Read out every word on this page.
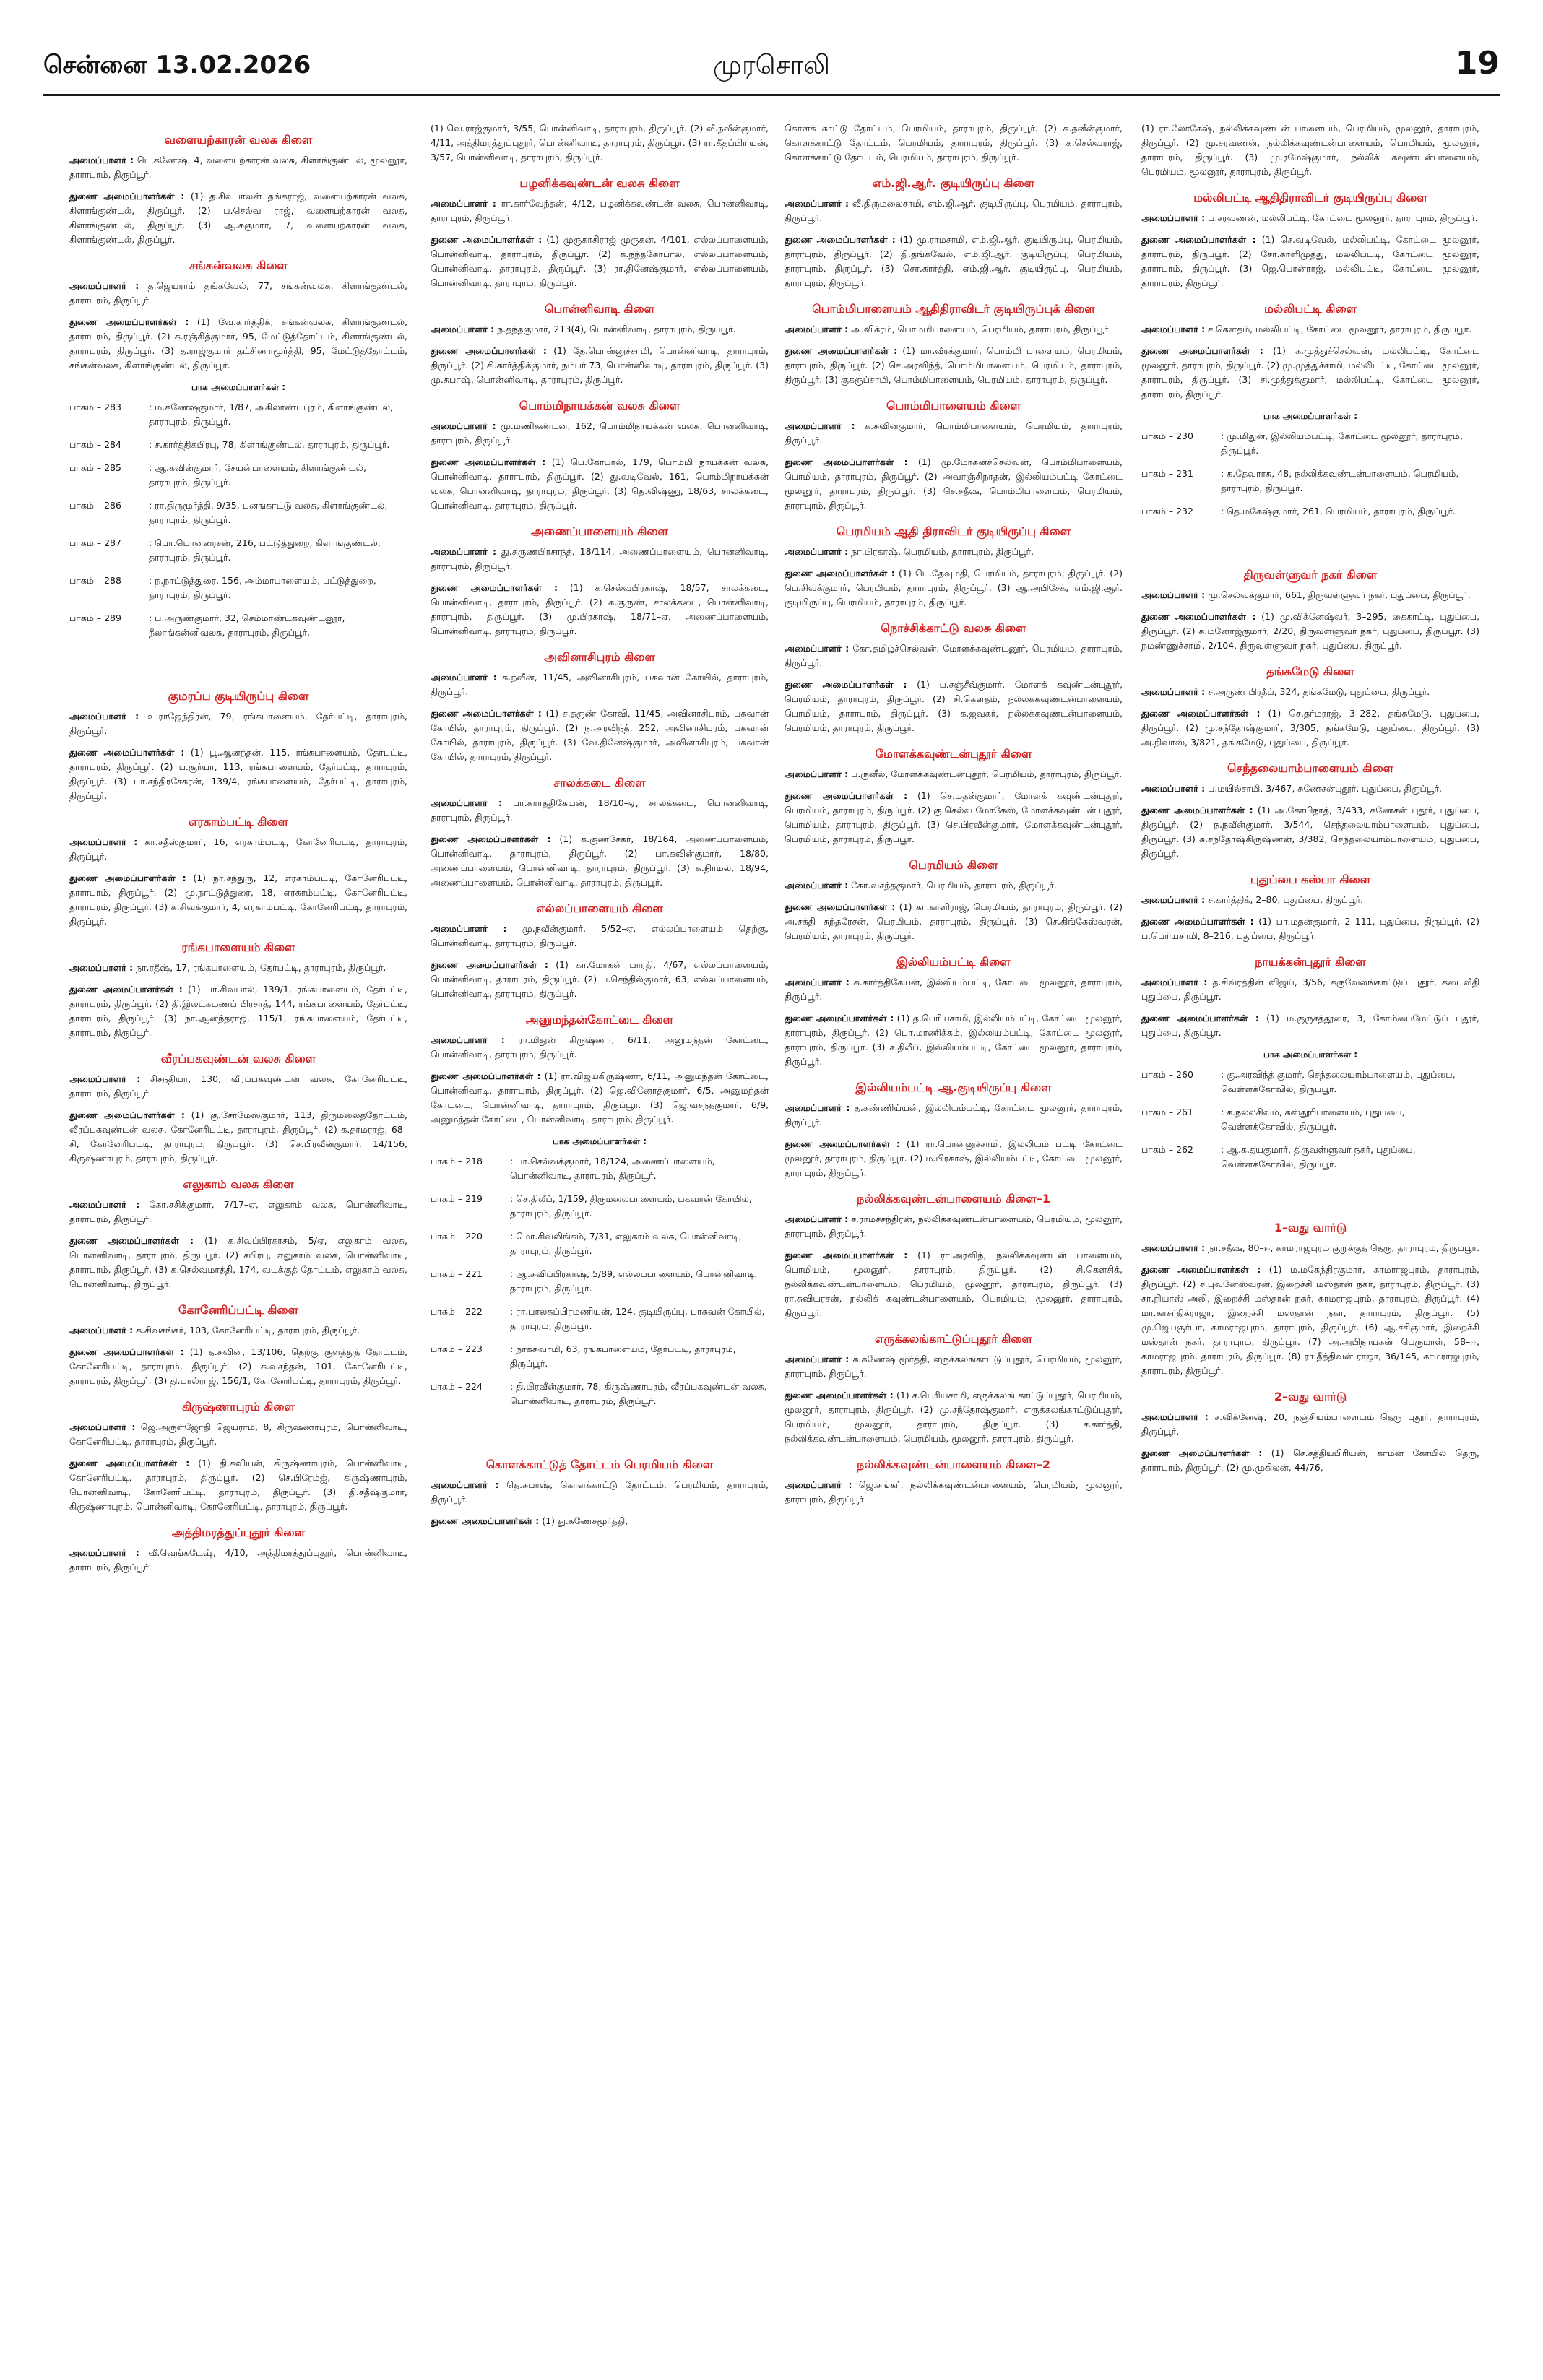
சென்னை 13.02.2026	முரசொலி	19
வளையற்காரன் வலசு கிளை

அமைப்பாளர் : பெ.கணேஷ், 4, வளையற்காரன் வலசு, கிளாங்குண்டல், மூலனூர், தாராபுரம், திருப்பூர்.

துணை அமைப்பாளர்கள் : (1) த.சிவபாலன் தங்கராஜ், வளையற்காரன் வலசு, கிளாங்குண்டல், திருப்பூர். (2) ப.செல்வ ராஜ், வளையற்காரன் வலசு, கிளாங்குண்டல், திருப்பூர். (3) ஆ.சுகுமார், 7, வளையற்காரன் வலசு, கிளாங்குண்டல், திருப்பூர்.

சங்கன்வலசு கிளை

அமைப்பாளர் : த.ஜெயராம் தங்கவேல், 77, சங்கன்வலசு, கிளாங்குண்டல், தாராபுரம், திருப்பூர்.

துணை அமைப்பாளர்கள் : (1) வே.கார்த்திக், சங்கன்வலசு, கிளாங்குண்டல், தாராபுரம், திருப்பூர். (2) க.ரஞ்சித்குமார், 95, மேட்டுத்தோட்டம், கிளாங்குண்டல், தாராபுரம், திருப்பூர். (3) த.ராஜ்குமார் தட்சிணாமூர்த்தி, 95, மேட்டுத்தோட்டம், சங்கன்வலசு, கிளாங்குண்டல், திருப்பூர்.

பாக அமைப்பாளர்கள் :
பாகம் – 283	: ம.கணேஷ்குமார், 1/87, அகிலாண்டபுரம், கிளாங்குண்டல், தாராபுரம், திருப்பூர்.
பாகம் – 284	: ச.கார்த்திக்பிரபு, 78, கிளாங்குண்டல், தாராபுரம், திருப்பூர்.
பாகம் – 285	: ஆ.கவின்குமார், சேயன்பாளையம், கிளாங்குண்டல், தாராபுரம், திருப்பூர்.
பாகம் – 286	: ரா.திருமூர்த்தி, 9/35, பனங்காட்டு வலசு, கிளாங்குண்டல், தாராபுரம், திருப்பூர்.
பாகம் – 287	: பொ.பொன்னரசன், 216, பட்டுத்துறை, கிளாங்குண்டல், தாராபுரம், திருப்பூர்.
பாகம் – 288	: ந.நாட்டுத்துரை, 156, அம்மாபாளையம், பட்டுத்துறை, தாராபுரம், திருப்பூர்.
பாகம் – 289	: ப.அருண்குமார், 32, செம்மாண்டகவுண்டனூர், நீலாங்கன்னிவலசு, தாராபுரம், திருப்பூர்.
குமரப்ப குடியிருப்பு கிளை

அமைப்பாளர் : உ.ராஜேந்திரன், 79, ரங்கபாளையம், தேர்பட்டி, தாராபுரம், திருப்பூர்.

துணை அமைப்பாளர்கள் : (1) பூ.ஆனந்தன், 115, ரங்கபாளையம், தேர்பட்டி, தாராபுரம், திருப்பூர். (2) ப.சூர்யா, 113, ரங்கபாளையம், தேர்பட்டி, தாராபுரம், திருப்பூர். (3) பா.சந்திரசேகரன், 139/4, ரங்கபாளையம், தேர்பட்டி, தாராபுரம், திருப்பூர்.

எரகாம்பட்டி கிளை

அமைப்பாளர் : கா.சதீஸ்குமார், 16, எரகாம்பட்டி, கோனேரிபட்டி, தாராபுரம், திருப்பூர்.

துணை அமைப்பாளர்கள் : (1) நா.சந்துரு, 12, எரகாம்பட்டி, கோனேரிபட்டி, தாராபுரம், திருப்பூர். (2) மு.நாட்டுத்துரை, 18, எரகாம்பட்டி, கோனேரிபட்டி, தாராபுரம், திருப்பூர். (3) க.சிவக்குமார், 4, எரகாம்பட்டி, கோனேரிபட்டி, தாராபுரம், திருப்பூர்.

ரங்கபாளையம் கிளை

அமைப்பாளர் : நா.ரதீஷ், 17, ரங்கபாளையம், தேர்பட்டி, தாராபுரம், திருப்பூர்.

துணை அமைப்பாளர்கள் : (1) பா.சிவபால், 139/1, ரங்கபாளையம், தேர்பட்டி, தாராபுரம், திருப்பூர். (2) தி.இலட்சுமணப் பிரசாத், 144, ரங்கபாளையம், தேர்பட்டி, தாராபுரம், திருப்பூர். (3) நா.ஆனந்தராஜ், 115/1, ரங்கபாளையம், தேர்பட்டி, தாராபுரம், திருப்பூர்.

வீரப்பகவுண்டன் வலசு கிளை

அமைப்பாளர் : சிசந்தியா, 130, வீரப்பகவுண்டன் வலசு, கோனேரிபட்டி, தாராபுரம், திருப்பூர்.

துணை அமைப்பாளர்கள் : (1) கு.சோமேஸ்குமார், 113, திருமலைத்தோட்டம், வீரப்பகவுண்டன் வலசு, கோனேரிபட்டி, தாராபுரம், திருப்பூர். (2) க.தர்மராஜ், 68–சி, கோனேரிபட்டி, தாராபுரம், திருப்பூர். (3) செ.பிரவீன்குமார், 14/156, கிருஷ்ணாபுரம், தாராபுரம், திருப்பூர்.

எலுகாம் வலசு கிளை

அமைப்பாளர் : கோ.சசிக்குமார், 7/17–ஏ, எலுகாம் வலசு, பொன்னிவாடி, தாராபுரம், திருப்பூர்.

துணை அமைப்பாளர்கள் : (1) க.சிவப்பிரகாசம், 5/ஏ, எலுகாம் வலசு, பொன்னிவாடி, தாராபுரம், திருப்பூர். (2) சபிரபு, எலுகாம் வலசு, பொன்னிவாடி, தாராபுரம், திருப்பூர். (3) க.செல்வமாத்தி, 174, வடக்குத் தோட்டம், எலுகாம் வலசு, பொன்னிவாடி, திருப்பூர்.

கோனேரிப்பட்டி கிளை

அமைப்பாளர் : க.சிவசங்கர், 103, கோனேரிபட்டி, தாராபுரம், திருப்பூர்.

துணை அமைப்பாளர்கள் : (1) த.சுவின், 13/106, தெற்கு குளத்துத் தோட்டம், கோனேரிபட்டி, தாராபுரம், திருப்பூர். (2) க.வசந்தன், 101, கோனேரிபட்டி, தாராபுரம், திருப்பூர். (3) தி.பால்ராஜ், 156/1, கோனேரிபட்டி, தாராபுரம், திருப்பூர்.

கிருஷ்ணாபுரம் கிளை

அமைப்பாளர் : ஜெ.அருள்ஜோதி ஜெயராம், 8, கிருஷ்ணாபுரம், பொன்னிவாடி, கோனேரிபட்டி, தாராபுரம், திருப்பூர்.

துணை அமைப்பாளர்கள் : (1) தி.கவியன், கிருஷ்ணாபுரம், பொன்னிவாடி, கோனேரிபட்டி, தாராபுரம், திருப்பூர். (2) செ.பிரேம்ஜ், கிருஷ்ணாபுரம், பொன்னிவாடி, கோனேரிபட்டி, தாராபுரம், திருப்பூர். (3) தி.சதீஷ்குமார், கிருஷ்ணாபுரம், பொன்னிவாடி, கோனேரிபட்டி, தாராபுரம், திருப்பூர்.

அத்திமரத்துப்புதூர் கிளை

அமைப்பாளர் : வீ.வெங்கடேஷ், 4/10, அத்திமரத்துப்புதூர், பொன்னிவாடி, தாராபுரம், திருப்பூர்.

(1) வெ.ராஜ்குமார், 3/55, பொன்னிவாடி, தாராபுரம், திருப்பூர். (2) வீ.நவீன்குமார், 4/11, அத்திமரத்துப்புதூர், பொன்னிவாடி, தாராபுரம், திருப்பூர். (3) ரா.கீதப்பிரியன், 3/57, பொன்னிவாடி, தாராபுரம், திருப்பூர்.

பழனிக்கவுண்டன் வலசு கிளை

அமைப்பாளர் : ரா.கார்வேந்தன், 4/12, பழனிக்கவுண்டன் வலசு, பொன்னிவாடி, தாராபுரம், திருப்பூர்.

துணை அமைப்பாளர்கள் : (1) முருகாசிராஜ் முருகன், 4/101, எல்லப்பாளையம், பொன்னிவாடி, தாராபுரம், திருப்பூர். (2) க.நந்தகோபால், எல்லப்பாளையம், பொன்னிவாடி, தாராபுரம், திருப்பூர். (3) ரா.தினேஷ்குமார், எல்லப்பாளையம், பொன்னிவாடி, தாராபுரம், திருப்பூர்.

பொன்னிவாடி கிளை

அமைப்பாளர் : ந.தந்தகுமார், 213(4), பொன்னிவாடி, தாராபுரம், திருப்பூர்.

துணை அமைப்பாளர்கள் : (1) தே.பொன்னுச்சாமி, பொன்னிவாடி, தாராபுரம், திருப்பூர். (2) சி.கார்த்திக்குமார், நம்பர் 73, பொன்னிவாடி, தாராபுரம், திருப்பூர். (3) மு.சுபாஷ், பொன்னிவாடி, தாராபுரம், திருப்பூர்.

பொம்மிநாயக்கன் வலசு கிளை

அமைப்பாளர் : மு.மணிகண்டன், 162, பொம்மிநாயக்கன் வலசு, பொன்னிவாடி, தாராபுரம், திருப்பூர்.

துணை அமைப்பாளர்கள் : (1) பெ.கோபால், 179, பொம்மி நாயக்கன் வலசு, பொன்னிவாடி, தாராபுரம், திருப்பூர். (2) து.வடிவேல், 161, பொம்மிநாயக்கன் வலசு, பொன்னிவாடி, தாராபுரம், திருப்பூர். (3) தெ.விஷ்ணு, 18/63, சாலக்கடை, பொன்னிவாடி, தாராபுரம், திருப்பூர்.

அணைப்பாளையம் கிளை

அமைப்பாளர் : து.சுருணபிரசாந்த், 18/114, அணைப்பாளையம், பொன்னிவாடி, தாராபுரம், திருப்பூர்.

துணை அமைப்பாளர்கள் : (1) க.செல்வபிரகாஷ், 18/57, சாலக்கடை, பொன்னிவாடி, தாராபுரம், திருப்பூர். (2) க.குருண், சாலக்கடை, பொன்னிவாடி, தாராபுரம், திருப்பூர். (3) மு.பிரகாஷ், 18/71–ஏ, அணைப்பாளையம், பொன்னிவாடி, தாராபுரம், திருப்பூர்.

அவினாசிபுரம் கிளை

அமைப்பாளர் : சு.நவீன், 11/45, அவினாசிபுரம், பகவான் கோயில், தாராபுரம், திருப்பூர்.

துணை அமைப்பாளர்கள் : (1) ச.தருண் கோவி, 11/45, அவினாசிபுரம், பகவான் கோயில், தாராபுரம், திருப்பூர். (2) ந.அரவிந்த், 252, அவினாசிபுரம், பகவான் கோயில், தாராபுரம், திருப்பூர். (3) வே.தினேஷ்குமார், அவினாசிபுரம், பகவான் கோயில், தாராபுரம், திருப்பூர்.

சாலக்கடை கிளை

அமைப்பாளர் : பா.கார்த்திகேயன், 18/10–ஏ, சாலக்கடை, பொன்னிவாடி, தாராபுரம், திருப்பூர்.

துணை அமைப்பாளர்கள் : (1) க.குணசேகர், 18/164, அணைப்பாளையம், பொன்னிவாடி, தாராபுரம், திருப்பூர். (2) பா.கவின்குமார், 18/80, அணைப்பாளையம், பொன்னிவாடி, தாராபுரம், திருப்பூர். (3) சு.நிர்மல், 18/94, அணைப்பாளையம், பொன்னிவாடி, தாராபுரம், திருப்பூர்.

எல்லப்பாளையம் கிளை

அமைப்பாளர் : மு.நவீன்குமார், 5/52–ஏ, எல்லப்பாளையம் தெற்கு, பொன்னிவாடி, தாராபுரம், திருப்பூர்.

துணை அமைப்பாளர்கள் : (1) கா.மோகன் பாரதி, 4/67, எல்லப்பாளையம், பொன்னிவாடி, தாராபுரம், திருப்பூர். (2) ப.செந்தில்குமார், 63, எல்லப்பாளையம், பொன்னிவாடி, தாராபுரம், திருப்பூர்.

அனுமந்தன்கோட்டை கிளை

அமைப்பாளர் : ரா.மிதுன் கிருஷ்ணா, 6/11, அனுமந்தன் கோட்டை, பொன்னிவாடி, தாராபுரம், திருப்பூர்.

துணை அமைப்பாளர்கள் : (1) ரா.விஜய்கிருஷ்ணா, 6/11, அனுமந்தன் கோட்டை, பொன்னிவாடி, தாராபுரம், திருப்பூர். (2) ஜெ.வினோத்குமார், 6/5, அனுமந்தன் கோட்டை, பொன்னிவாடி, தாராபுரம், திருப்பூர். (3) ஜெ.வசந்த்குமார், 6/9, அனுமந்தன் கோட்டை, பொன்னிவாடி, தாராபுரம், திருப்பூர்.

பாக அமைப்பாளர்கள் :
பாகம் – 218	: பா.செல்வக்குமார், 18/124, அணைப்பாளையம், பொன்னிவாடி, தாராபுரம், திருப்பூர்.
பாகம் – 219	: செ.திலீப், 1/159, திருமலைபாளையம், பகவான் கோயில், தாராபுரம், திருப்பூர்.
பாகம் – 220	: மொ.சிவலிங்கம், 7/31, எலுகாம் வலசு, பொன்னிவாடி, தாராபுரம், திருப்பூர்.
பாகம் – 221	: ஆ.சுவிப்பிரகாஷ், 5/89, எல்லப்பாளையம், பொன்னிவாடி, தாராபுரம், திருப்பூர்.
பாகம் – 222	: ரா.பாலசுப்பிரமணியன், 124, குடியிருப்பு, பாகவன் கோயில், தாராபுரம், திருப்பூர்.
பாகம் – 223	: நாகசுவாமி, 63, ரங்கபாளையம், தேர்பட்டி, தாராபுரம், திருப்பூர்.
பாகம் – 224	: தி.பிரவீன்குமார், 78, கிருஷ்ணாபுரம், வீரப்பகவுண்டன் வலசு, பொன்னிவாடி, தாராபுரம், திருப்பூர்.
கொளக்காட்டுத் தோட்டம் பெரமியம் கிளை

அமைப்பாளர் : தெ.சுபாஷ், கொளக்காட்டு தோட்டம், பெரமியம், தாராபுரம், திருப்பூர்.

துணை அமைப்பாளர்கள் : (1) து.கணேசமூர்த்தி,

கொளக் காட்டு தோட்டம், பெரமியம், தாராபுரம், திருப்பூர். (2) சு.தனீன்குமார், கொளக்காட்டு தோட்டம், பெரமியம், தாராபுரம், திருப்பூர். (3) க.செல்வராஜ், கொளக்காட்டு தோட்டம், பெரமியம், தாராபுரம், திருப்பூர்.

எம்.ஜி.ஆர். குடியிருப்பு கிளை

அமைப்பாளர் : வீ.திருமலைசாமி, எம்.ஜி.ஆர். குடியிருப்பு, பெரமியம், தாராபுரம், திருப்பூர்.

துணை அமைப்பாளர்கள் : (1) மு.ராமசாமி, எம்.ஜி.ஆர். குடியிருப்பு, பெரமியம், தாராபுரம், திருப்பூர். (2) தி.தங்கவேல், எம்.ஜி.ஆர். குடியிருப்பு, பெரமியம், தாராபுரம், திருப்பூர். (3) சொ.கார்த்தி, எம்.ஜி.ஆர். குடியிருப்பு, பெரமியம், தாராபுரம், திருப்பூர்.

பொம்மிபாளையம் ஆதிதிராவிடர் குடியிருப்புக் கிளை

அமைப்பாளர் : அ.விக்ரம், பொம்மிபாளையம், பெரமியம், தாராபுரம், திருப்பூர்.

துணை அமைப்பாளர்கள் : (1) மா.வீரக்குமார், பொம்மி பாளையம், பெரமியம், தாராபுரம், திருப்பூர். (2) செ.அரவிந்த், பொம்மிபாளையம், பெரமியம், தாராபுரம், திருப்பூர். (3) குகரூப்சாமி, பொம்மிபாளையம், பெரமியம், தாராபுரம், திருப்பூர்.

பொம்மிபாளையம் கிளை

அமைப்பாளர் : க.சுவின்குமார், பொம்மிபாளையம், பெரமியம், தாராபுரம், திருப்பூர்.

துணை அமைப்பாளர்கள் : (1) மு.மோகனச்செல்வன், பொம்மிபாளையம், பெரமியம், தாராபுரம், திருப்பூர். (2) அவாஞ்சிநாதன், இல்லியம்பட்டி கோட்டை மூலனூர், தாராபுரம், திருப்பூர். (3) செ.சதீஷ், பொம்மிபாளையம், பெரமியம், தாராபுரம், திருப்பூர்.

பெரமியம் ஆதி திராவிடர் குடியிருப்பு கிளை

அமைப்பாளர் : நா.பிரகாஷ், பெரமியம், தாராபுரம், திருப்பூர்.

துணை அமைப்பாளர்கள் : (1) பெ.தேவுமதி, பெரமியம், தாராபுரம், திருப்பூர். (2) பெ.சிவக்குமார், பெரமியம், தாராபுரம், திருப்பூர். (3) ஆ.அபிசேக், எம்.ஜி.ஆர். குடியிருப்பு, பெரமியம், தாராபுரம், திருப்பூர்.

நொச்சிக்காட்டு வலசு கிளை

அமைப்பாளர் : கோ.தமிழ்ச்செல்வன், மோளக்கவுண்டனூர், பெரமியம், தாராபுரம், திருப்பூர்.

துணை அமைப்பாளர்கள் : (1) ப.சஞ்சீவ்குமார், மோளக் கவுண்டன்புதூர், பெரமியம், தாராபுரம், திருப்பூர். (2) சி.கௌதம், நல்லக்கவுண்டன்பாளையம், பெரமியம், தாராபுரம், திருப்பூர். (3) க.ஜவகர், நல்லக்கவுண்டன்பாளையம், பெரமியம், தாராபுரம், திருப்பூர்.

மோளக்கவுண்டன்புதூர் கிளை

அமைப்பாளர் : ப.ருனீல், மோளக்கவுண்டன்புதூர், பெரமியம், தாராபுரம், திருப்பூர்.

துணை அமைப்பாளர்கள் : (1) செ.மதன்குமார், மோளக் கவுண்டன்புதூர், பெரமியம், தாராபுரம், திருப்பூர். (2) கு.செல்வ மோகேஸ், மோளக்கவுண்டன் புதூர், பெரமியம், தாராபுரம், திருப்பூர். (3) செ.பிரவீன்குமார், மோளக்கவுண்டன்புதூர், பெரமியம், தாராபுரம், திருப்பூர்.

பெரமியம் கிளை

அமைப்பாளர் : கோ.வசந்தகுமார், பெரமியம், தாராபுரம், திருப்பூர்.

துணை அமைப்பாளர்கள் : (1) கா.காளிராஜ், பெரமியம், தாராபுரம், திருப்பூர். (2) அ.சக்தி சுந்தரேசன், பெரமியம், தாராபுரம், திருப்பூர். (3) செ.கிங்கேஸ்வரன், பெரமியம், தாராபுரம், திருப்பூர்.

இல்லியம்பட்டி கிளை

அமைப்பாளர் : சு.கார்த்திகேயன், இல்லியம்பட்டி, கோட்டை மூலனூர், தாராபுரம், திருப்பூர்.

துணை அமைப்பாளர்கள் : (1) த.பெரியசாமி, இல்லியம்பட்டி, கோட்டை மூலனூர், தாராபுரம், திருப்பூர். (2) பொ.மாணிக்கம், இல்லியம்பட்டி, கோட்டை மூலனூர், தாராபுரம், திருப்பூர். (3) ச.திலீப், இல்லியம்பட்டி, கோட்டை மூலனூர், தாராபுரம், திருப்பூர்.

இல்லியம்பட்டி ஆ.குடியிருப்பு கிளை

அமைப்பாளர் : த.கண்ணிய்யன், இல்லியம்பட்டி, கோட்டை மூலனூர், தாராபுரம், திருப்பூர்.

துணை அமைப்பாளர்கள் : (1) ரா.பொன்னுச்சாமி, இல்லியம் பட்டி கோட்டை மூலனூர், தாராபுரம், திருப்பூர். (2) ம.பிரகாஷ், இல்லியம்பட்டி, கோட்டை மூலனூர், தாராபுரம், திருப்பூர்.

நல்லிக்கவுண்டன்பாளையம் கிளை–1

அமைப்பாளர் : ச.ராமச்சந்திரன், நல்லிக்கவுண்டன்பாளையம், பெரமியம், மூலனூர், தாராபுரம், திருப்பூர்.

துணை அமைப்பாளர்கள் : (1) ரா.அரவிந், நல்லிக்கவுண்டன் பாளையம், பெரமியம், மூலனூர், தாராபுரம், திருப்பூர். (2) சி.கௌசிக், நல்லிக்கவுண்டன்பாளையம், பெரமியம், மூலனூர், தாராபுரம், திருப்பூர். (3) ரா.சுவியரசன், நல்லிக் கவுண்டன்பாளையம், பெரமியம், மூலனூர், தாராபுரம், திருப்பூர்.

எருக்கலங்காட்டுப்புதூர் கிளை

அமைப்பாளர் : சு.கணேஷ் மூர்த்தி, எருக்கலங்காட்டுப்புதூர், பெரமியம், மூலனூர், தாராபுரம், திருப்பூர்.

துணை அமைப்பாளர்கள் : (1) ச.பெரியசாமி, எருக்கலங் காட்டுப்புதூர், பெரமியம், மூலனூர், தாராபுரம், திருப்பூர். (2) மு.சந்தோஷ்குமார், எருக்கலங்காட்டுப்புதூர், பெரமியம், மூலனூர், தாராபுரம், திருப்பூர். (3) ச.கார்த்தி, நல்லிக்கவுண்டன்பாளையம், பெரமியம், மூலனூர், தாராபுரம், திருப்பூர்.

நல்லிக்கவுண்டன்பாளையம் கிளை–2

அமைப்பாளர் : ஜெ.சுங்கர், நல்லிக்கவுண்டன்பாளையம், பெரமியம், மூலனூர், தாராபுரம், திருப்பூர்.

(1) ரா.லோகேஷ், நல்லிக்கவுண்டன் பாளையம், பெரமியம், மூலனூர், தாராபுரம், திருப்பூர். (2) மு.சரவணன், நல்லிக்கவுண்டன்பாளையம், பெரமியம், மூலனூர், தாராபுரம், திருப்பூர். (3) மு.ரமேஷ்குமார், நல்லிக் கவுண்டன்பாளையம், பெரமியம், மூலனூர், தாராபுரம், திருப்பூர்.

மல்லிபட்டி ஆதிதிராவிடர் குடியிருப்பு கிளை

அமைப்பாளர் : ப.சரவணன், மல்லிபட்டி, கோட்டை மூலனூர், தாராபுரம், திருப்பூர்.

துணை அமைப்பாளர்கள் : (1) செ.வடிவேல், மல்லிபட்டி, கோட்டை மூலனூர், தாராபுரம், திருப்பூர். (2) சோ.காளிமுத்து, மல்லிபட்டி, கோட்டை மூலனூர், தாராபுரம், திருப்பூர். (3) ஜெ.பொன்ராஜ், மல்லிபட்டி, கோட்டை மூலனூர், தாராபுரம், திருப்பூர்.

மல்லிபட்டி கிளை

அமைப்பாளர் : ச.கௌதம், மல்லிபட்டி, கோட்டை மூலனூர், தாராபுரம், திருப்பூர்.

துணை அமைப்பாளர்கள் : (1) க.முத்துச்செல்வன், மல்லிபட்டி, கோட்டை மூலனூர், தாராபுரம், திருப்பூர். (2) மு.முத்துச்சாமி, மல்லிபட்டி, கோட்டை மூலனூர், தாராபுரம், திருப்பூர். (3) சி.முத்துக்குமார், மல்லிபட்டி, கோட்டை மூலனூர், தாராபுரம், திருப்பூர்.

பாக அமைப்பாளர்கள் :
பாகம் – 230	: மு.மிதுன், இல்லியம்பட்டி, கோட்டை மூலனூர், தாராபுரம், திருப்பூர்.
பாகம் – 231	: க.தேவராசு, 48, நல்லிக்கவுண்டன்பாளையம், பெரமியம், தாராபுரம், திருப்பூர்.
பாகம் – 232	: தெ.மகேஷ்குமார், 261, பெரமியம், தாராபுரம், திருப்பூர்.
திருவள்ளுவர் நகர் கிளை

அமைப்பாளர் : மு.செல்வக்குமார், 661, திருவள்ளுவர் நகர், புதுப்பை, திருப்பூர்.

துணை அமைப்பாளர்கள் : (1) மு.விக்னேஷ்வர், 3–295, கைகாட்டி, புதுப்பை, திருப்பூர். (2) சு.மனோஜ்குமார், 2/20, திருவள்ளுவர் நகர், புதுப்பை, திருப்பூர். (3) நமண்ணுச்சாமி, 2/104, திருவள்ளுவர் நகர், புதுப்பை, திருப்பூர்.

தங்கமேடு கிளை

அமைப்பாளர் : ச.அருண் பிரதீப், 324, தங்கமேடு, புதுப்பை, திருப்பூர்.

துணை அமைப்பாளர்கள் : (1) செ.தர்மராஜ், 3–282, தங்கமேடு, புதுப்பை, திருப்பூர். (2) மு.சந்தோஷ்குமார், 3/305, தங்கமேடு, புதுப்பை, திருப்பூர். (3) அ.நிவாஸ், 3/821, தங்கமேடு, புதுப்பை, திருப்பூர்.

செந்தலையாம்பாளையம் கிளை

அமைப்பாளர் : ப.மயில்சாமி, 3/467, சுணேசன்புதூர், புதுப்பை, திருப்பூர்.

துணை அமைப்பாளர்கள் : (1) அ.கோபிநாத், 3/433, கணேசன் புதூர், புதுப்பை, திருப்பூர். (2) ந.நவீன்குமார், 3/544, செந்தலையாம்பாளையம், புதுப்பை, திருப்பூர். (3) சு.சந்தோஷ்கிருஷ்ணன், 3/382, செந்தலையாம்பாளையம், புதுப்பை, திருப்பூர்.

புதுப்பை கஸ்பா கிளை

அமைப்பாளர் : ச.கார்த்திக், 2–80, புதுப்பை, திருப்பூர்.

துணை அமைப்பாளர்கள் : (1) பா.மதன்குமார், 2–111, புதுப்பை, திருப்பூர். (2) ப.பெரியசாமி, 8–216, புதுப்பை, திருப்பூர்.

நாயக்கன்புதூர் கிளை

அமைப்பாளர் : த.சிவ்ரத்தின் விஜய், 3/56, கருவேலங்காட்டுப் புதூர், கடைவீதி புதுப்பை, திருப்பூர்.

துணை அமைப்பாளர்கள் : (1) ம.குருசத்தூரை, 3, கோம்பைமேட்டுப் புதூர், புதுப்பை, திருப்பூர்.

பாக அமைப்பாளர்கள் :
பாகம் – 260	: கு.அரவிந்த் குமார், செந்தலையாம்பாளையம், புதுப்பை, வெள்ளக்கோவில், திருப்பூர்.
பாகம் – 261	: க.நல்லசிவம், கஸ்தூரிபாளையம், புதுப்பை, வெள்ளக்கோவில், திருப்பூர்.
பாகம் – 262	: ஆ.க.தயகுமார், திருவள்ளுவர் நகர், புதுப்பை, வெள்ளக்கோவில், திருப்பூர்.
1–வது வார்டு

அமைப்பாளர் : நா.சதீஷ், 80–ஈ, காமராஜபுரம் குறுக்குத் தெரு, தாராபுரம், திருப்பூர்.

துணை அமைப்பாளர்கள் : (1) ம.மகேந்திரகுமார், காமராஜபுரம், தாராபுரம், திருப்பூர். (2) ச.புவனேஸ்வரன், இறைச்சி மஸ்தான் நகர், தாராபுரம், திருப்பூர். (3) சா.நியாஸ் அலி, இறைச்சி மஸ்தான் நகர், காமராஜபுரம், தாராபுரம், திருப்பூர். (4) மா.காசர்திக்ராஜா, இறைச்சி மஸ்தான் நகர், தாராபுரம், திருப்பூர். (5) மு.ஜெயசூர்யா, காமராஜபுரம், தாராபுரம், திருப்பூர். (6) ஆ.சசிகுமார், இறைச்சி மஸ்தான் நகர், தாராபுரம், திருப்பூர். (7) அ.அபிநாயகன் பெருமாள், 58–ஈ, காமராஜபுரம், தாராபுரம், திருப்பூர். (8) ரா.தீத்திவன் ராஜா, 36/145, காமராஜபுரம், தாராபுரம், திருப்பூர்.

2–வது வார்டு

அமைப்பாளர் : ச.விக்னேஷ், 20, நஞ்சியம்பாளையம் தெரு புதூர், தாராபுரம், திருப்பூர்.

துணை அமைப்பாளர்கள் : (1) செ.சத்தியபிரியன், காமன் கோயில் தெரு, தாராபுரம், திருப்பூர். (2) மு.முகிலன், 44/76,
